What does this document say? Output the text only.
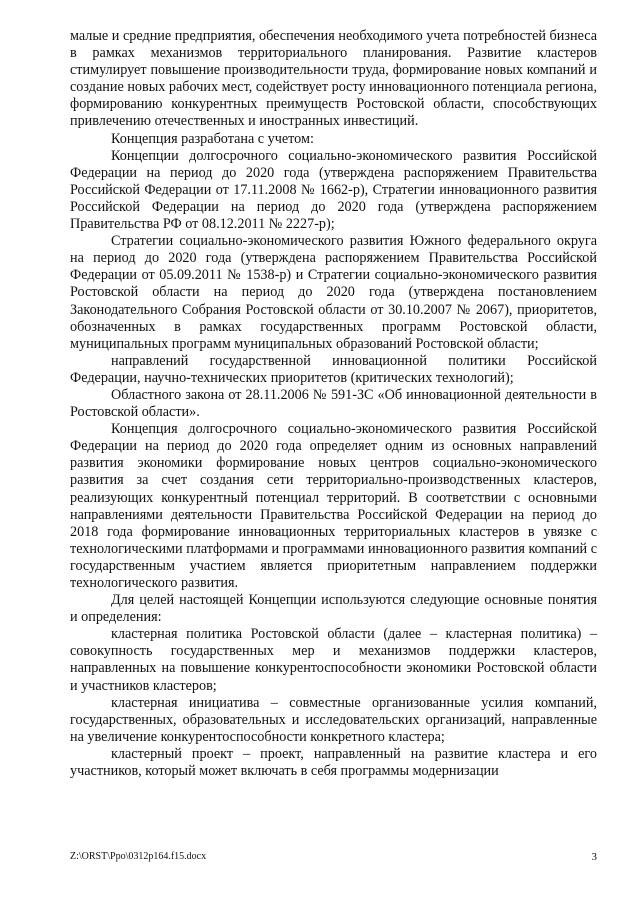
малые и средние предприятия, обеспечения необходимого учета потребностей бизнеса в рамках механизмов территориального планирования. Развитие кластеров стимулирует повышение производительности труда, формирование новых компаний и создание новых рабочих мест, содействует росту инновационного потенциала региона, формированию конкурентных преимуществ Ростовской области, способствующих привлечению отечественных и иностранных инвестиций.

Концепция разработана с учетом:

Концепции долгосрочного социально-экономического развития Российской Федерации на период до 2020 года (утверждена распоряжением Правительства Российской Федерации от 17.11.2008 № 1662-р), Стратегии инновационного развития Российской Федерации на период до 2020 года (утверждена распоряжением Правительства РФ от 08.12.2011 № 2227-р);

Стратегии социально-экономического развития Южного федерального округа на период до 2020 года (утверждена распоряжением Правительства Российской Федерации от 05.09.2011 № 1538-р) и Стратегии социально-экономического развития Ростовской области на период до 2020 года (утверждена постановлением Законодательного Собрания Ростовской области от 30.10.2007 № 2067), приоритетов, обозначенных в рамках государственных программ Ростовской области, муниципальных программ муниципальных образований Ростовской области;

направлений государственной инновационной политики Российской Федерации, научно-технических приоритетов (критических технологий);

Областного закона от 28.11.2006 № 591-ЗС «Об инновационной деятельности в Ростовской области».

Концепция долгосрочного социально-экономического развития Российской Федерации на период до 2020 года определяет одним из основных направлений развития экономики формирование новых центров социально-экономического развития за счет создания сети территориально-производственных кластеров, реализующих конкурентный потенциал территорий. В соответствии с основными направлениями деятельности Правительства Российской Федерации на период до 2018 года формирование инновационных территориальных кластеров в увязке с технологическими платформами и программами инновационного развития компаний с государственным участием является приоритетным направлением поддержки технологического развития.

Для целей настоящей Концепции используются следующие основные понятия и определения:

кластерная политика Ростовской области (далее – кластерная политика) – совокупность государственных мер и механизмов поддержки кластеров, направленных на повышение конкурентоспособности экономики Ростовской области и участников кластеров;

кластерная инициатива – совместные организованные усилия компаний, государственных, образовательных и исследовательских организаций, направленные на увеличение конкурентоспособности конкретного кластера;

кластерный проект – проект, направленный на развитие кластера и его участников, который может включать в себя программы модернизации

Z:\ORST\Ppo\0312p164.f15.docx	3
